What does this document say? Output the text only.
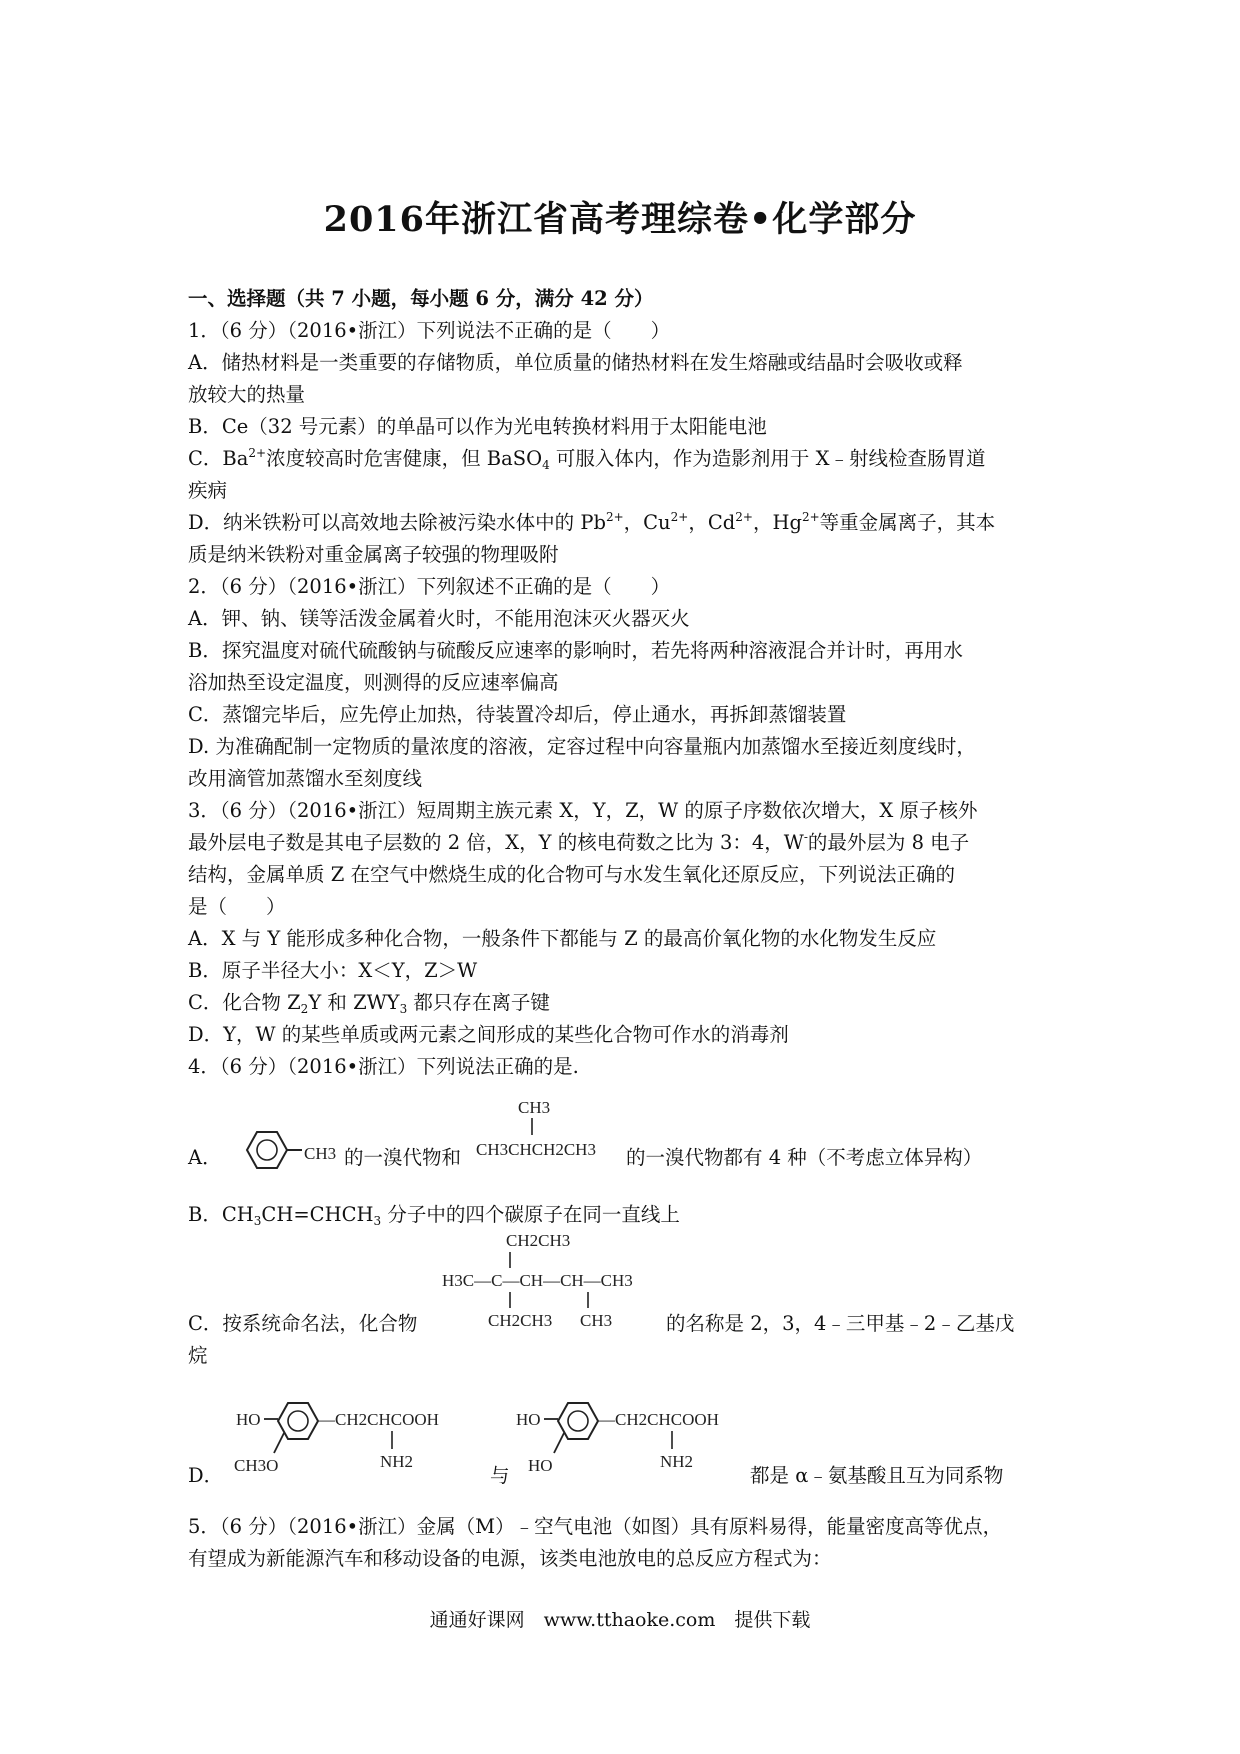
2016年浙江省高考理综卷•化学部分
一、选择题（共 7 小题，每小题 6 分，满分 42 分）
1．（6 分）（2016•浙江）下列说法不正确的是（　　）
A．储热材料是一类重要的存储物质，单位质量的储热材料在发生熔融或结晶时会吸收或释
放较大的热量
B．Ce（32 号元素）的单晶可以作为光电转换材料用于太阳能电池
C．$Ba^{2+}$浓度较高时危害健康，但 BaSO$_4$ 可服入体内，作为造影剂用于 X﹣射线检查肠胃道
疾病
D．纳米铁粉可以高效地去除被污染水体中的 $Pb^{2+}$，$Cu^{2+}$，$Cd^{2+}$，$Hg^{2+}$等重金属离子，其本
质是纳米铁粉对重金属离子较强的物理吸附
2．（6 分）（2016•浙江）下列叙述不正确的是（　　）
A．钾、钠、镁等活泼金属着火时，不能用泡沫灭火器灭火
B．探究温度对硫代硫酸钠与硫酸反应速率的影响时，若先将两种溶液混合并计时，再用水
浴加热至设定温度，则测得的反应速率偏高
C．蒸馏完毕后，应先停止加热，待装置冷却后，停止通水，再拆卸蒸馏装置
D. 为准确配制一定物质的量浓度的溶液，定容过程中向容量瓶内加蒸馏水至接近刻度线时，
改用滴管加蒸馏水至刻度线
3．（6 分）（2016•浙江）短周期主族元素 X，Y，Z，W 的原子序数依次增大，X 原子核外
最外层电子数是其电子层数的 2 倍，X，Y 的核电荷数之比为 3：4，W-的最外层为 8 电子
结构，金属单质 Z 在空气中燃烧生成的化合物可与水发生氧化还原反应，下列说法正确的
是（　　）
A．X 与 Y 能形成多种化合物，一般条件下都能与 Z 的最高价氧化物的水化物发生反应
B．原子半径大小：X＜Y，Z＞W
C．化合物 $Z_2Y$ 和 $ZWY_3$ 都只存在离子键
D．Y，W 的某些单质或两元素之间形成的某些化合物可作水的消毒剂
4．（6 分）（2016•浙江）下列说法正确的是.
A．	CH3 的一溴代物和
CH3
CH3CHCH2CH3 的一溴代物都有 4 种（不考虑立体异构）
B．$CH_3CH=CHCH_3$ 分子中的四个碳原子在同一直线上
CH2CH3
H3C—C—CH—CH—CH3
CH2CH3 CH3
C．按系统命名法，化合物	的名称是 2，3，4﹣三甲基﹣2﹣乙基戊
烷
D．
HO
CH3O
—CH2CHCOOH
NH2
与
HO
HO
—CH2CHCOOH
NH2
都是 α﹣氨基酸且互为同系物
5．（6 分）（2016•浙江）金属（M）﹣空气电池（如图）具有原料易得，能量密度高等优点，
有望成为新能源汽车和移动设备的电源，该类电池放电的总反应方程式为：
通通好课网　www.tthaoke.com　提供下载
